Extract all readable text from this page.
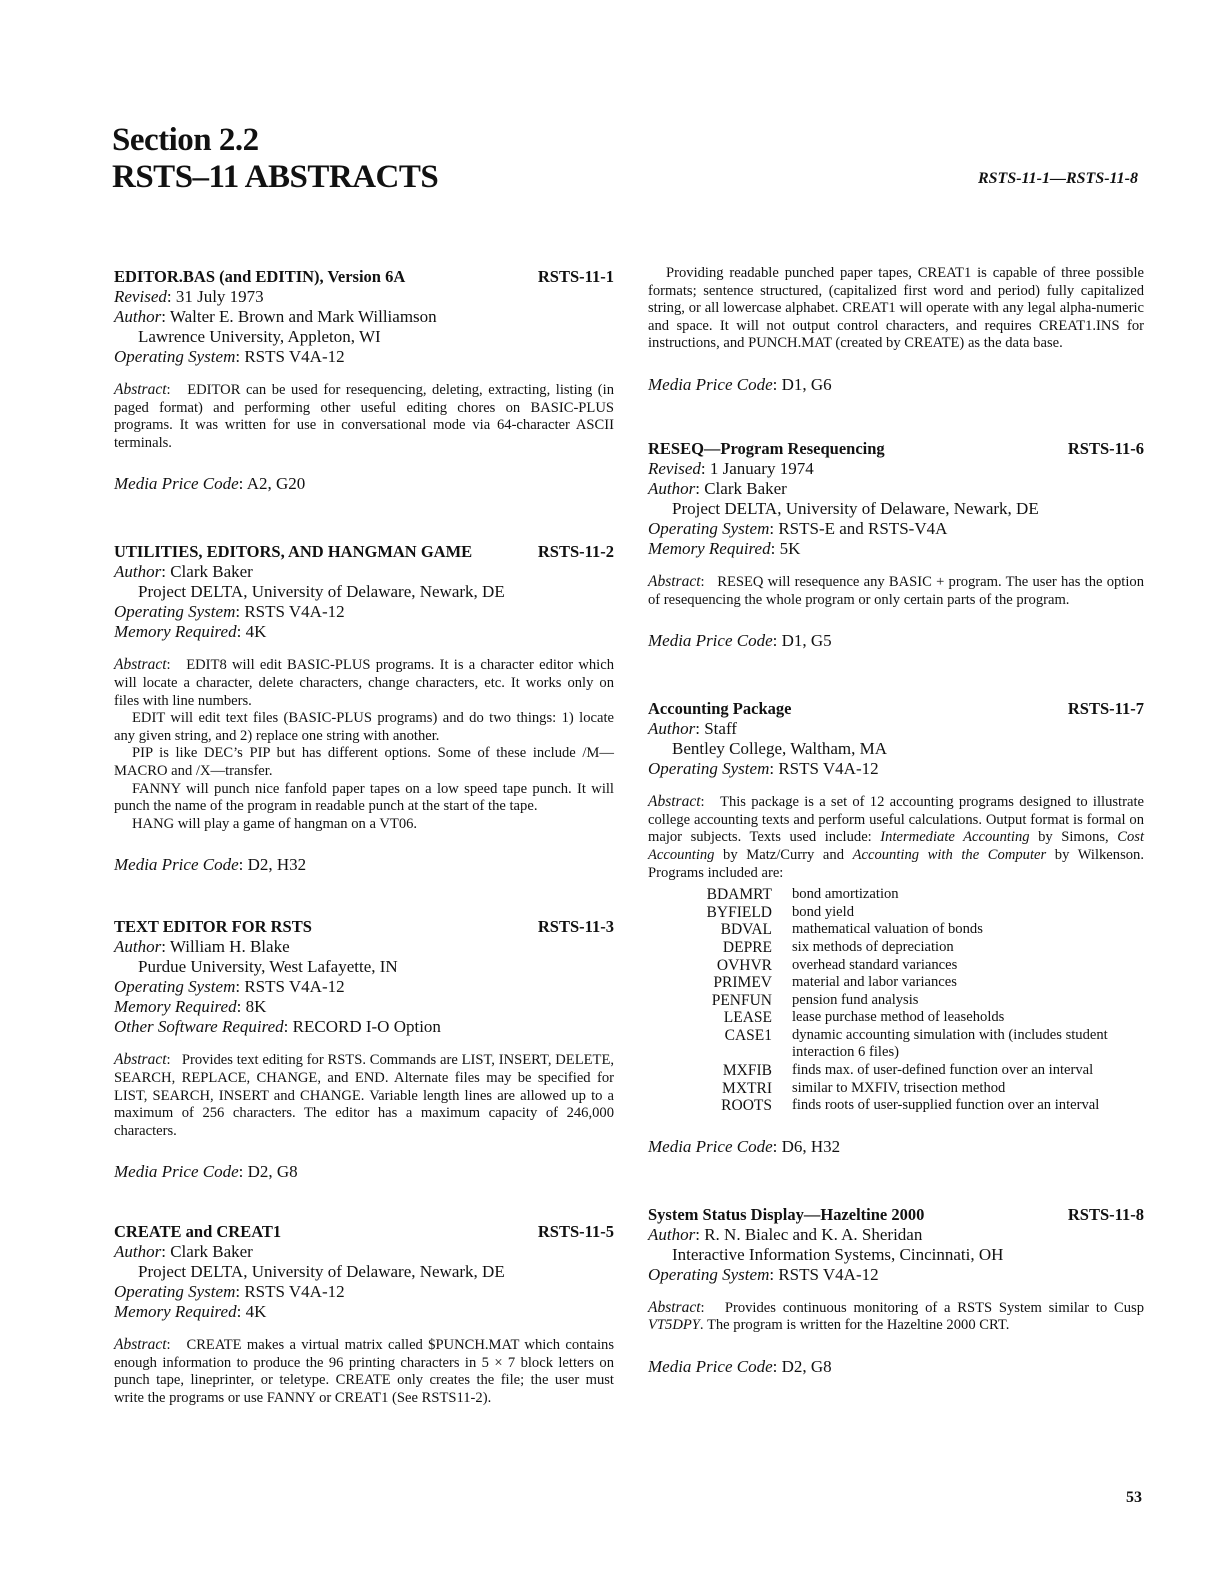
Section 2.2
RSTS–11 ABSTRACTS	RSTS-11-1—RSTS-11-8
EDITOR.BAS (and EDITIN), Version 6A	RSTS-11-1
Revised: 31 July 1973
Author: Walter E. Brown and Mark Williamson
Lawrence University, Appleton, WI
Operating System: RSTS V4A-12

Abstract:   EDITOR can be used for resequencing, deleting, extracting, listing (in paged format) and performing other useful editing chores on BASIC-PLUS programs. It was written for use in conversational mode via 64-character ASCII terminals.

Media Price Code: A2, G20
UTILITIES, EDITORS, AND HANGMAN GAME	RSTS-11-2
Author: Clark Baker
Project DELTA, University of Delaware, Newark, DE
Operating System: RSTS V4A-12
Memory Required: 4K

Abstract:   EDIT8 will edit BASIC-PLUS programs. It is a character editor which will locate a character, delete characters, change characters, etc. It works only on files with line numbers.

EDIT will edit text files (BASIC-PLUS programs) and do two things: 1) locate any given string, and 2) replace one string with another.

PIP is like DEC’s PIP but has different options. Some of these include /M—MACRO and /X—transfer.

FANNY will punch nice fanfold paper tapes on a low speed tape punch. It will punch the name of the program in readable punch at the start of the tape.

HANG will play a game of hangman on a VT06.

Media Price Code: D2, H32
TEXT EDITOR FOR RSTS	RSTS-11-3
Author: William H. Blake
Purdue University, West Lafayette, IN
Operating System: RSTS V4A-12
Memory Required: 8K
Other Software Required: RECORD I-O Option

Abstract:   Provides text editing for RSTS. Commands are LIST, INSERT, DELETE, SEARCH, REPLACE, CHANGE, and END. Alternate files may be specified for LIST, SEARCH, INSERT and CHANGE. Variable length lines are allowed up to a maximum of 256 characters. The editor has a maximum capacity of 246,000 characters.

Media Price Code: D2, G8
CREATE and CREAT1	RSTS-11-5
Author: Clark Baker
Project DELTA, University of Delaware, Newark, DE
Operating System: RSTS V4A-12
Memory Required: 4K

Abstract:   CREATE makes a virtual matrix called $PUNCH.MAT which contains enough information to produce the 96 printing characters in 5 × 7 block letters on punch tape, lineprinter, or teletype. CREATE only creates the file; the user must write the programs or use FANNY or CREAT1 (See RSTS11-2).

Providing readable punched paper tapes, CREAT1 is capable of three possible formats; sentence structured, (capitalized first word and period) fully capitalized string, or all lowercase alphabet. CREAT1 will operate with any legal alpha-numeric and space. It will not output control characters, and requires CREAT1.INS for instructions, and PUNCH.MAT (created by CREATE) as the data base.

Media Price Code: D1, G6
RESEQ—Program Resequencing	RSTS-11-6
Revised: 1 January 1974
Author: Clark Baker
Project DELTA, University of Delaware, Newark, DE
Operating System: RSTS-E and RSTS-V4A
Memory Required: 5K

Abstract:   RESEQ will resequence any BASIC + program. The user has the option of resequencing the whole program or only certain parts of the program.

Media Price Code: D1, G5
Accounting Package	RSTS-11-7
Author: Staff
Bentley College, Waltham, MA
Operating System: RSTS V4A-12

Abstract:   This package is a set of 12 accounting programs designed to illustrate college accounting texts and perform useful calculations. Output format is formal on major subjects. Texts used include: Intermediate Accounting by Simons, Cost Accounting by Matz/Curry and Accounting with the Computer by Wilkenson. Programs included are:

BDAMRT	bond amortization
BYFIELD	bond yield
BDVAL	mathematical valuation of bonds
DEPRE	six methods of depreciation
OVHVR	overhead standard variances
PRIMEV	material and labor variances
PENFUN	pension fund analysis
LEASE	lease purchase method of leaseholds
CASE1	dynamic accounting simulation with (includes student interaction 6 files)
MXFIB	finds max. of user-defined function over an interval
MXTRI	similar to MXFIV, trisection method
ROOTS	finds roots of user-supplied function over an interval
Media Price Code: D6, H32
System Status Display—Hazeltine 2000	RSTS-11-8
Author: R. N. Bialec and K. A. Sheridan
Interactive Information Systems, Cincinnati, OH
Operating System: RSTS V4A-12

Abstract:   Provides continuous monitoring of a RSTS System similar to Cusp VT5DPY. The program is written for the Hazeltine 2000 CRT.

Media Price Code: D2, G8
53
